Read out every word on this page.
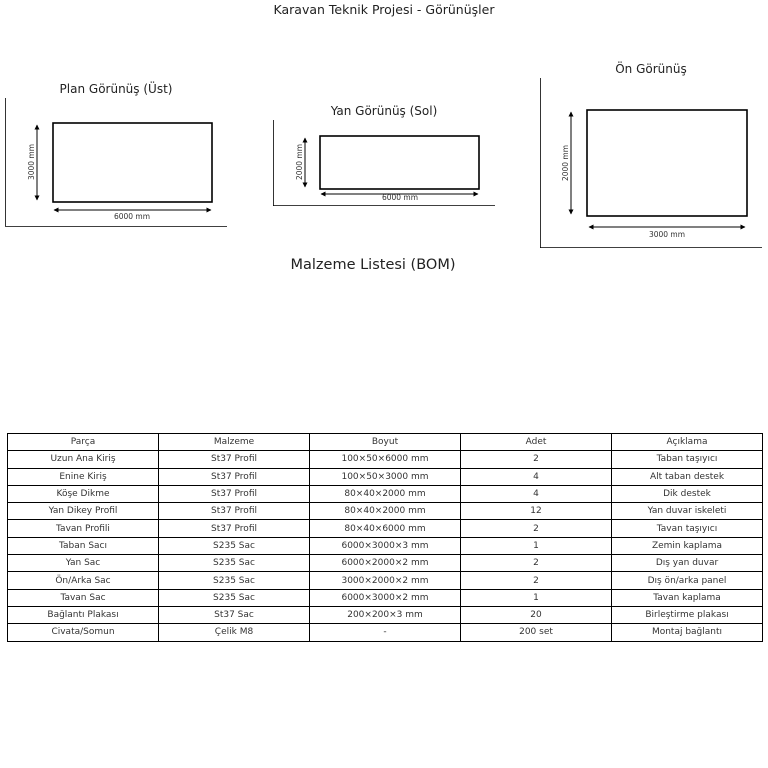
Karavan Teknik Projesi - Görünüşler
Plan Görünüş (Üst)
Yan Görünüş (Sol)
Ön Görünüş
6000 mm
3000 mm
6000 mm
2000 mm
3000 mm
2000 mm
Malzeme Listesi (BOM)
Parça	Malzeme	Boyut	Adet	Açıklama
Uzun Ana Kiriş	St37 Profil	100×50×6000 mm	2	Taban taşıyıcı
Enine Kiriş	St37 Profil	100×50×3000 mm	4	Alt taban destek
Köşe Dikme	St37 Profil	80×40×2000 mm	4	Dik destek
Yan Dikey Profil	St37 Profil	80×40×2000 mm	12	Yan duvar iskeleti
Tavan Profili	St37 Profil	80×40×6000 mm	2	Tavan taşıyıcı
Taban Sacı	S235 Sac	6000×3000×3 mm	1	Zemin kaplama
Yan Sac	S235 Sac	6000×2000×2 mm	2	Dış yan duvar
Ön/Arka Sac	S235 Sac	3000×2000×2 mm	2	Dış ön/arka panel
Tavan Sac	S235 Sac	6000×3000×2 mm	1	Tavan kaplama
Bağlantı Plakası	St37 Sac	200×200×3 mm	20	Birleştirme plakası
Civata/Somun	Çelik M8	-	200 set	Montaj bağlantı
